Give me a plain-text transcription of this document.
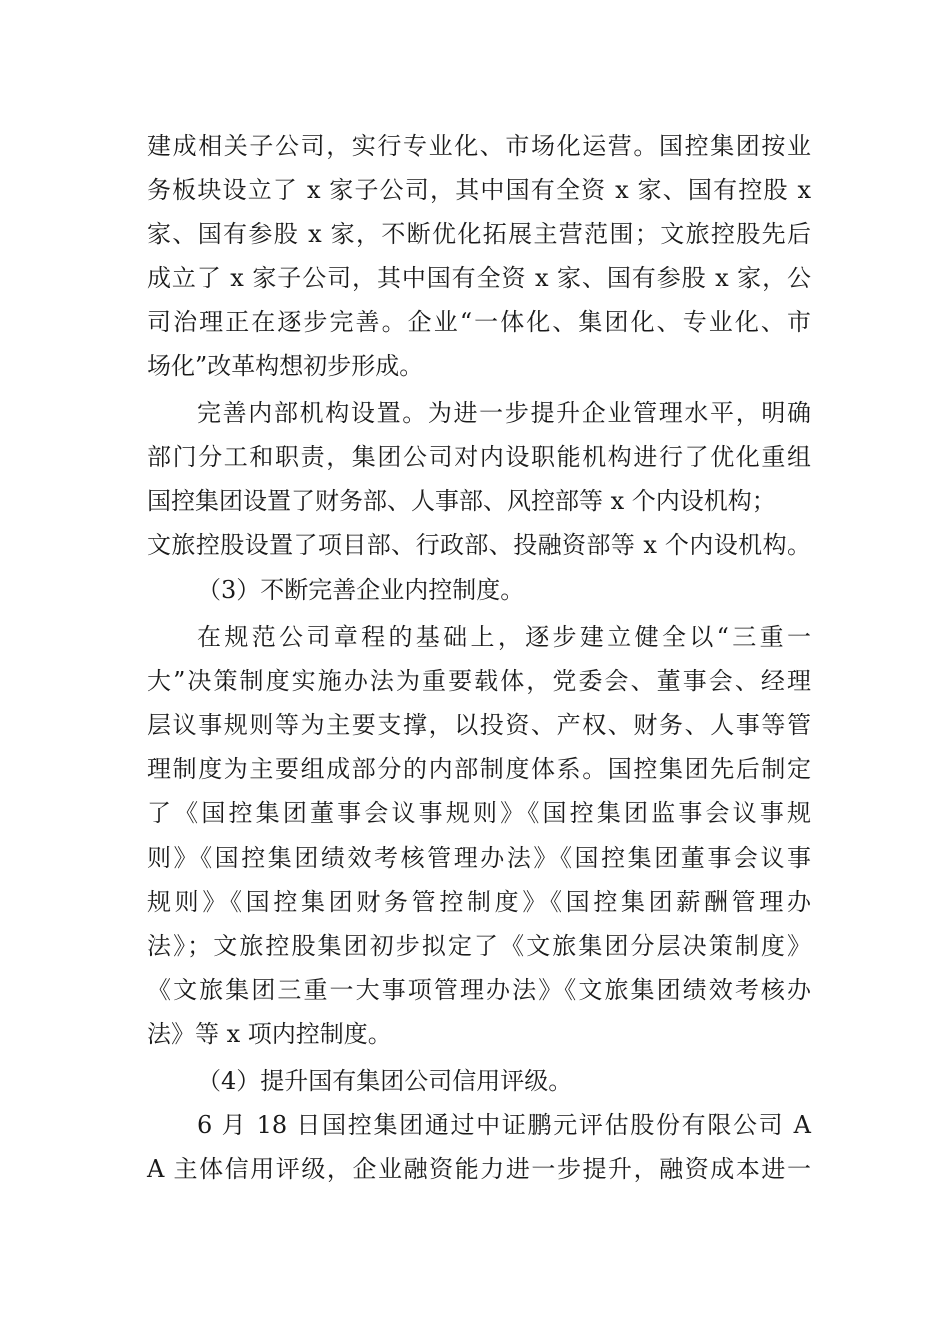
建成相关子公司，实行专业化、市场化运营。国控集团按业

务板块设立了 x 家子公司，其中国有全资 x 家、国有控股 x

家、国有参股 x 家，不断优化拓展主营范围；文旅控股先后

成立了 x 家子公司，其中国有全资 x 家、国有参股 x 家，公

司治理正在逐步完善。企业“一体化、集团化、专业化、市

场化”改革构想初步形成。

完善内部机构设置。为进一步提升企业管理水平，明确

部门分工和职责，集团公司对内设职能机构进行了优化重组

国控集团设置了财务部、人事部、风控部等 x 个内设机构；

文旅控股设置了项目部、行政部、投融资部等 x 个内设机构。

（3）不断完善企业内控制度。

在规范公司章程的基础上，逐步建立健全以“三重一

大”决策制度实施办法为重要载体，党委会、董事会、经理

层议事规则等为主要支撑，以投资、产权、财务、人事等管

理制度为主要组成部分的内部制度体系。国控集团先后制定

了《国控集团董事会议事规则》《国控集团监事会议事规

则》《国控集团绩效考核管理办法》《国控集团董事会议事

规则》《国控集团财务管控制度》《国控集团薪酬管理办

法》；文旅控股集团初步拟定了《文旅集团分层决策制度》

《文旅集团三重一大事项管理办法》《文旅集团绩效考核办

法》等 x 项内控制度。

（4）提升国有集团公司信用评级。

6 月 18 日国控集团通过中证鹏元评估股份有限公司 A

A 主体信用评级，企业融资能力进一步提升，融资成本进一
